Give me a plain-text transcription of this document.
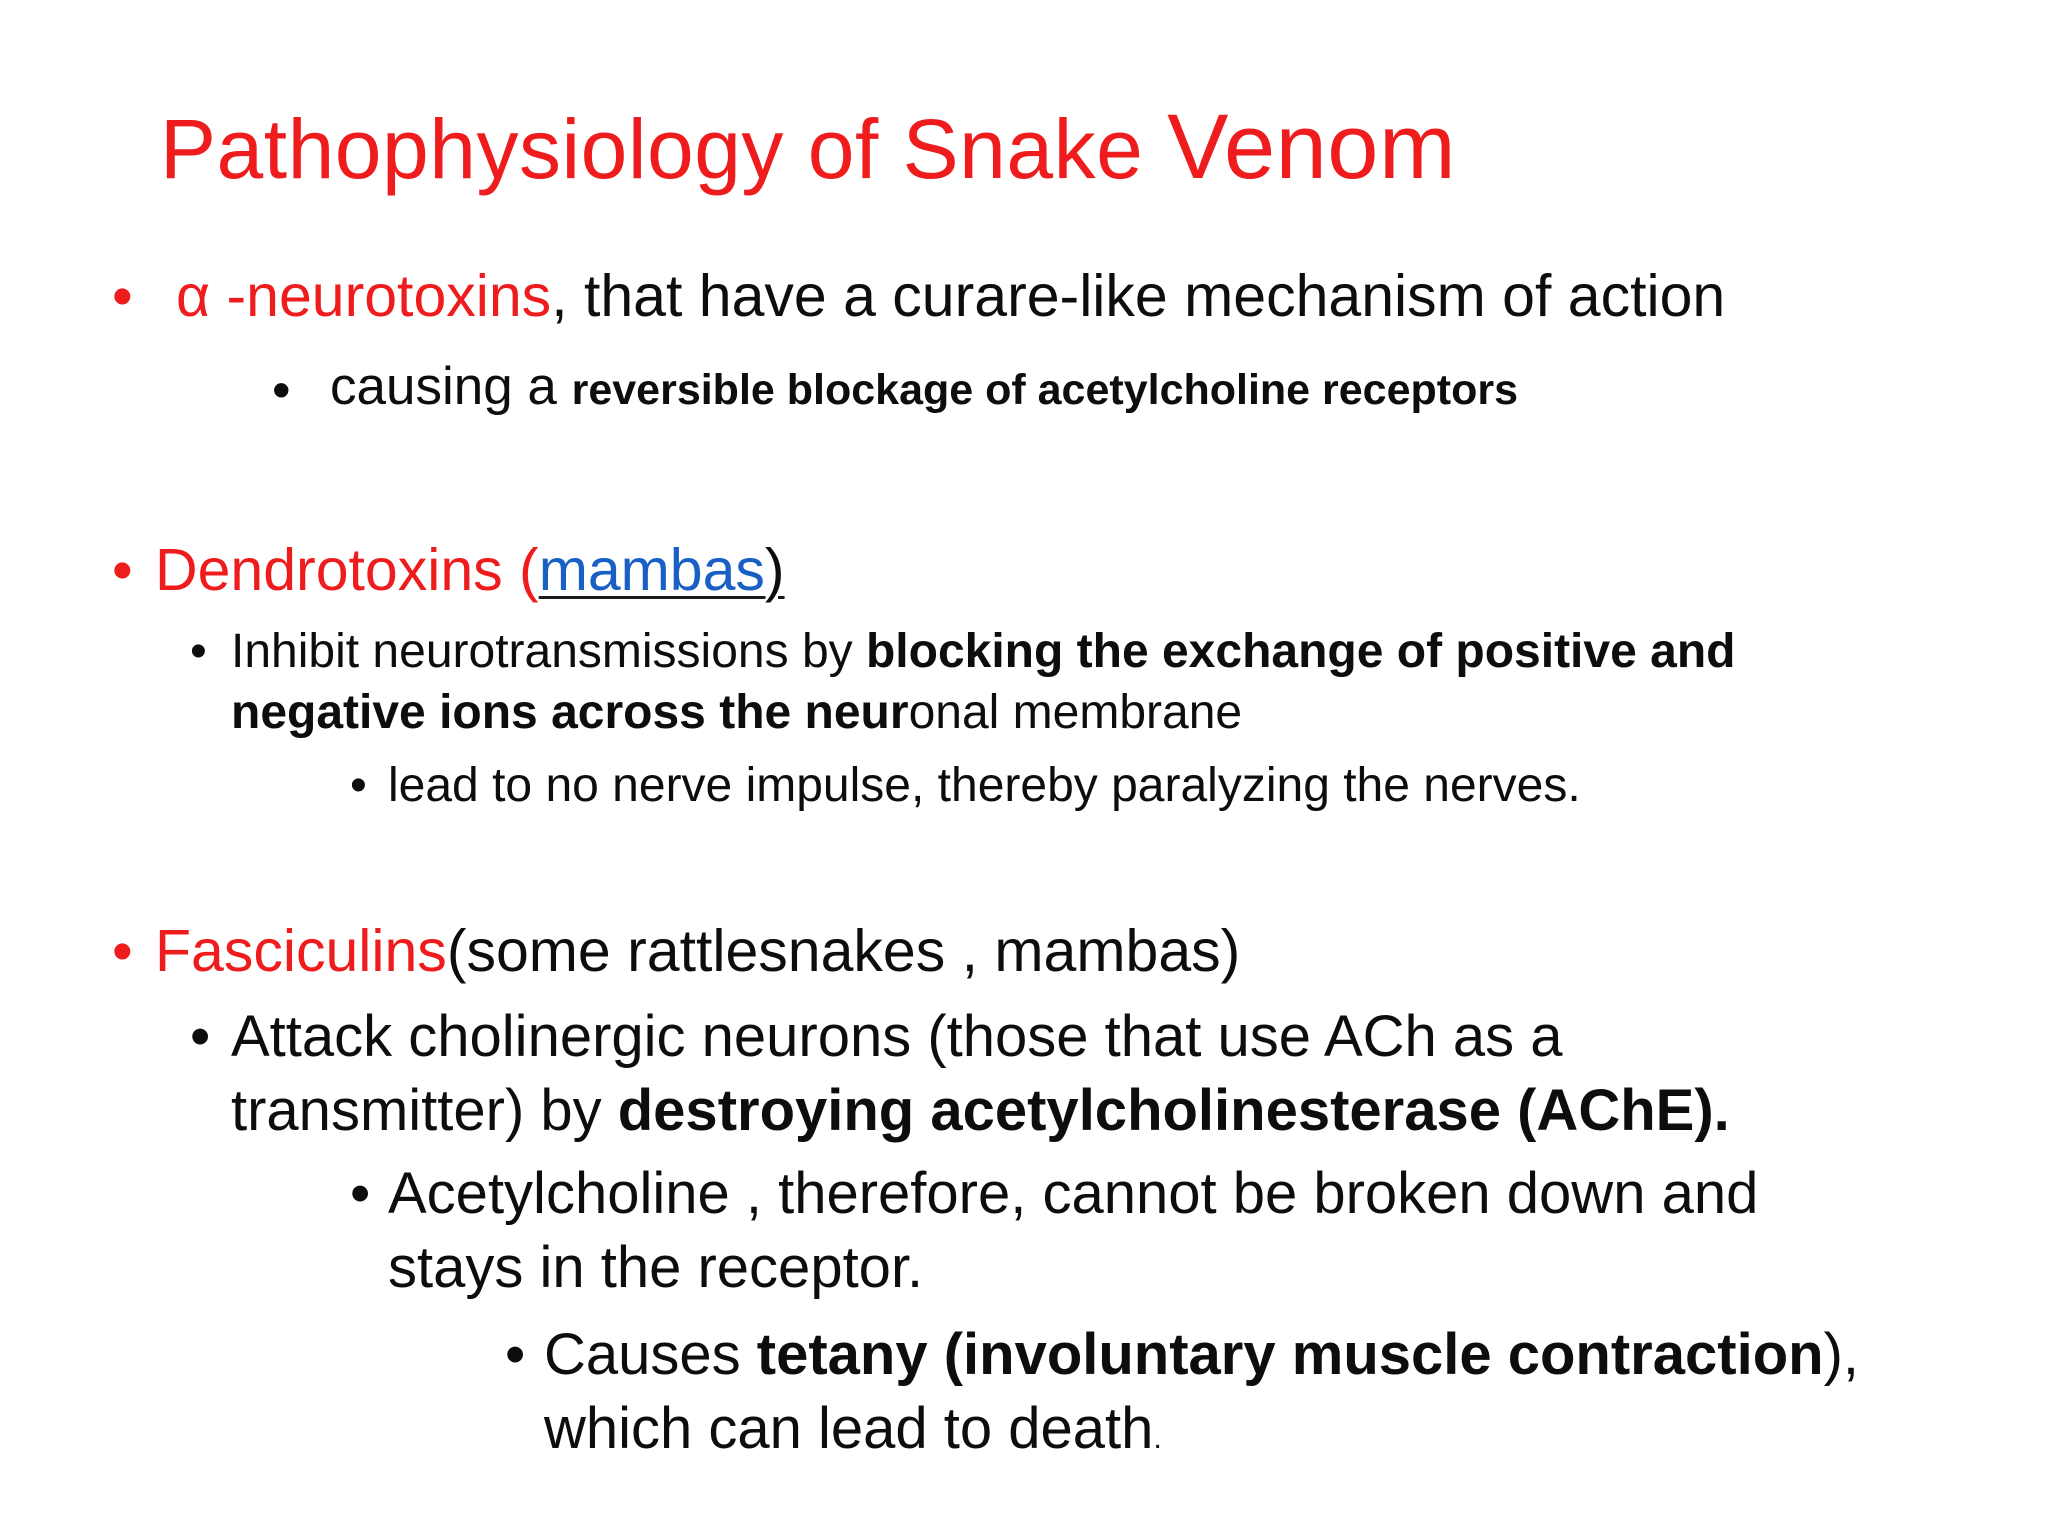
Pathophysiology of Snake Venom
• α -neurotoxins, that have a curare-like mechanism of action
• causing a reversible blockage of acetylcholine receptors
• Dendrotoxins (mambas)
• Inhibit neurotransmissions by blocking the exchange of positive and
negative ions across the neuronal membrane
• lead to no nerve impulse, thereby paralyzing the nerves.
• Fasciculins(some rattlesnakes , mambas)
• Attack cholinergic neurons (those that use ACh as a
transmitter) by destroying acetylcholinesterase (AChE).
• Acetylcholine , therefore, cannot be broken down and
stays in the receptor.
• Causes tetany (involuntary muscle contraction),
which can lead to death.
